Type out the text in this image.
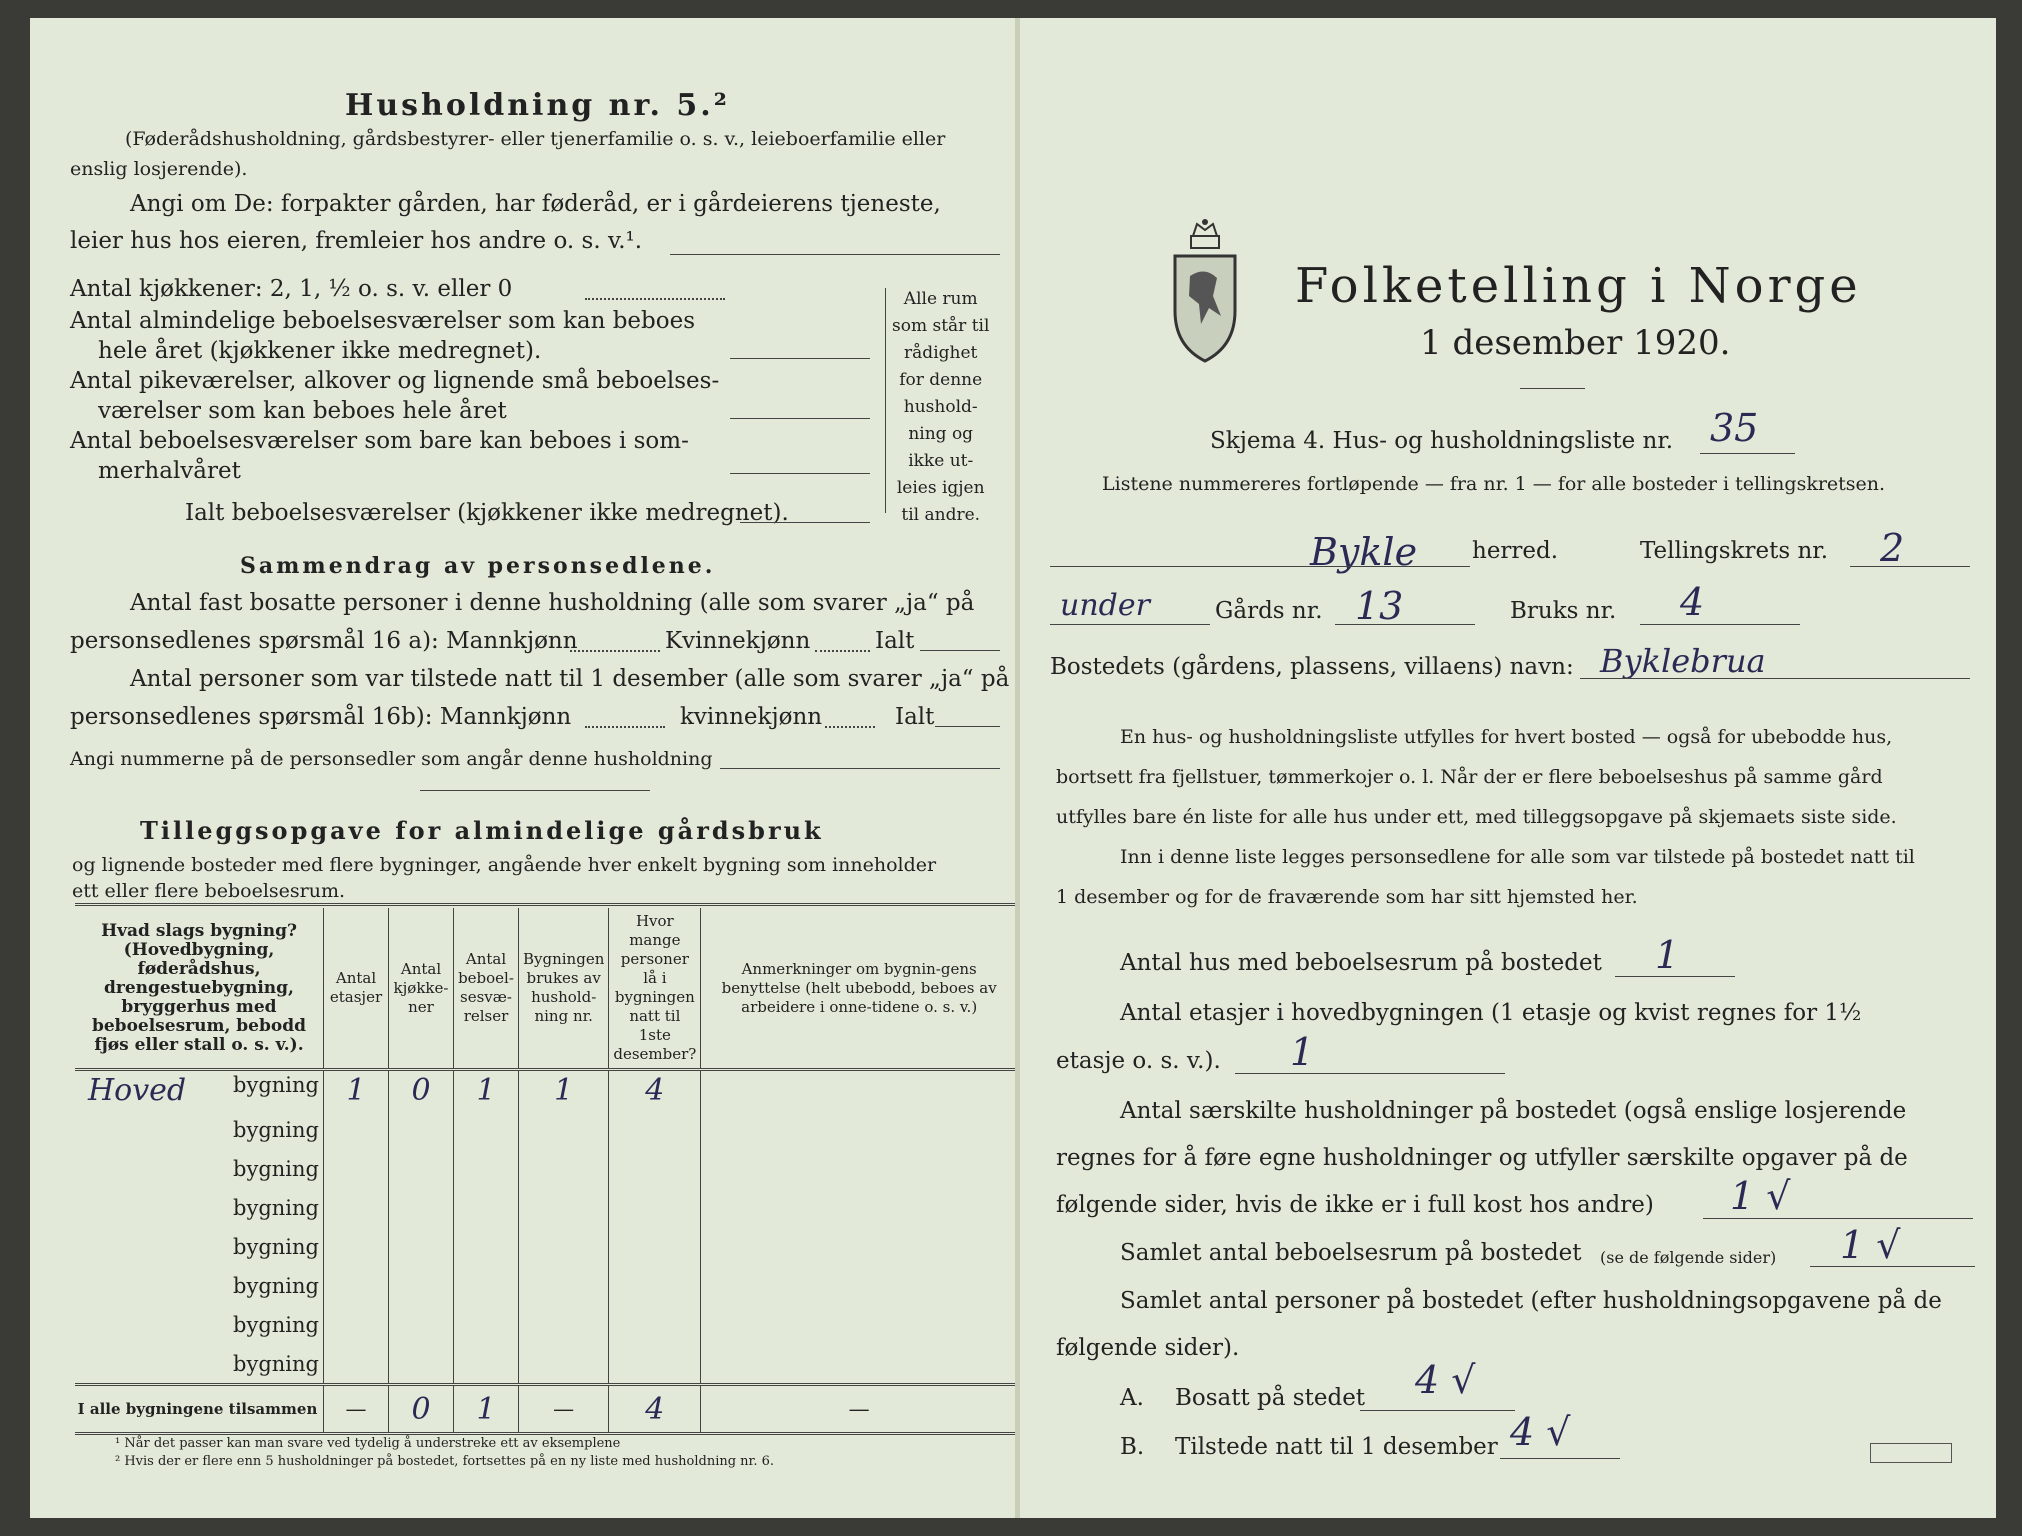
Husholdning nr. 5.²
(Føderådshusholdning, gårdsbestyrer- eller tjenerfamilie o. s. v., leieboerfamilie eller
enslig losjerende).
Angi om De: forpakter gården, har føderåd, er i gårdeierens tjeneste,
leier hus hos eieren, fremleier hos andre o. s. v.¹.
Antal kjøkkener: 2, 1, ½ o. s. v. eller 0
Antal almindelige beboelsesværelser som kan beboes
hele året (kjøkkener ikke medregnet).
Antal pikeværelser, alkover og lignende små beboelses-
værelser som kan beboes hele året
Antal beboelsesværelser som bare kan beboes i som-
merhalvåret
Ialt beboelsesværelser (kjøkkener ikke medregnet).
Alle rum
som står til
rådighet
for denne
hushold-
ning og
ikke ut-
leies igjen
til andre.
Sammendrag av personsedlene.
Antal fast bosatte personer i denne husholdning (alle som svarer „ja“ på
personsedlenes spørsmål 16 a): Mannkjønn	Kvinnekjønn	Ialt
Antal personer som var tilstede natt til 1 desember (alle som svarer „ja“ på
personsedlenes spørsmål 16b): Mannkjønn	kvinnekjønn	Ialt
Angi nummerne på de personsedler som angår denne husholdning
Tilleggsopgave for almindelige gårdsbruk
og lignende bosteder med flere bygninger, angående hver enkelt bygning som inneholder
ett eller flere beboelsesrum.
Hvad slags bygning? (Hovedbygning, føderådshus, drengestuebygning, bryggerhus med beboelsesrum, bebodd fjøs eller stall o. s. v.).	Antal etasjer	Antal kjøkke-ner	Antal beboel-sesvæ-relser	Bygningen brukes av hushold-ning nr.	Hvor mange personer lå i bygningen natt til 1ste desember?	Anmerkninger om bygnin-gens benyttelse (helt ubebodd, beboes av arbeidere i onne-tidene o. s. v.)

Hoved bygning	1	0	1	1	4	
bygning						
bygning						
bygning						
bygning						
bygning						
bygning						
bygning						
I alle bygningene tilsammen	—	0	1	—	4	—
¹ Når det passer kan man svare ved tydelig å understreke ett av eksemplene
² Hvis der er flere enn 5 husholdninger på bostedet, fortsettes på en ny liste med husholdning nr. 6.
Folketelling i Norge
1 desember 1920.
Skjema 4. Hus- og husholdningsliste nr. 35
Listene nummereres fortløpende — fra nr. 1 — for alle bosteder i tellingskretsen.
Bykle herred.	Tellingskrets nr. 2
under	Gårds nr. 13	Bruks nr. 4
Bostedets (gårdens, plassens, villaens) navn: Byklebrua
En hus- og husholdningsliste utfylles for hvert bosted — også for ubebodde hus,
bortsett fra fjellstuer, tømmerkojer o. l. Når der er flere beboelseshus på samme gård
utfylles bare én liste for alle hus under ett, med tilleggsopgave på skjemaets siste side.
Inn i denne liste legges personsedlene for alle som var tilstede på bostedet natt til
1 desember og for de fraværende som har sitt hjemsted her.
Antal hus med beboelsesrum på bostedet 1
Antal etasjer i hovedbygningen (1 etasje og kvist regnes for 1½
etasje o. s. v.). 1
Antal særskilte husholdninger på bostedet (også enslige losjerende
regnes for å føre egne husholdninger og utfyller særskilte opgaver på de
følgende sider, hvis de ikke er i full kost hos andre) 1 √
Samlet antal beboelsesrum på bostedet (se de følgende sider) 1 √
Samlet antal personer på bostedet (efter husholdningsopgavene på de
følgende sider).
A. Bosatt på stedet 4 √
B. Tilstede natt til 1 desember 4 √
